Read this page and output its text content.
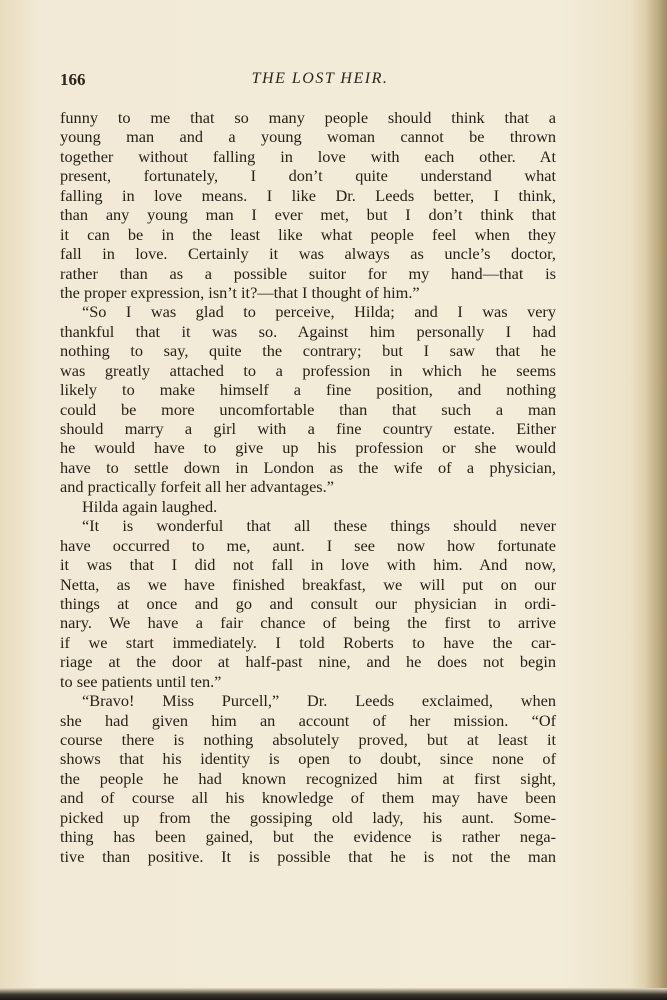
166	THE LOST HEIR.
funny to me that so many people should think that a
young man and a young woman cannot be thrown
together without falling in love with each other. At
present, fortunately, I don’t quite understand what
falling in love means. I like Dr. Leeds better, I think,
than any young man I ever met, but I don’t think that
it can be in the least like what people feel when they
fall in love. Certainly it was always as uncle’s doctor,
rather than as a possible suitor for my hand—that is
the proper expression, isn’t it?—that I thought of him.”
“So I was glad to perceive, Hilda; and I was very
thankful that it was so. Against him personally I had
nothing to say, quite the contrary; but I saw that he
was greatly attached to a profession in which he seems
likely to make himself a fine position, and nothing
could be more uncomfortable than that such a man
should marry a girl with a fine country estate. Either
he would have to give up his profession or she would
have to settle down in London as the wife of a physician,
and practically forfeit all her advantages.”
Hilda again laughed.
“It is wonderful that all these things should never
have occurred to me, aunt. I see now how fortunate
it was that I did not fall in love with him. And now,
Netta, as we have finished breakfast, we will put on our
things at once and go and consult our physician in ordi-
nary. We have a fair chance of being the first to arrive
if we start immediately. I told Roberts to have the car-
riage at the door at half-past nine, and he does not begin
to see patients until ten.”
“Bravo! Miss Purcell,” Dr. Leeds exclaimed, when
she had given him an account of her mission. “Of
course there is nothing absolutely proved, but at least it
shows that his identity is open to doubt, since none of
the people he had known recognized him at first sight,
and of course all his knowledge of them may have been
picked up from the gossiping old lady, his aunt. Some-
thing has been gained, but the evidence is rather nega-
tive than positive. It is possible that he is not the man
